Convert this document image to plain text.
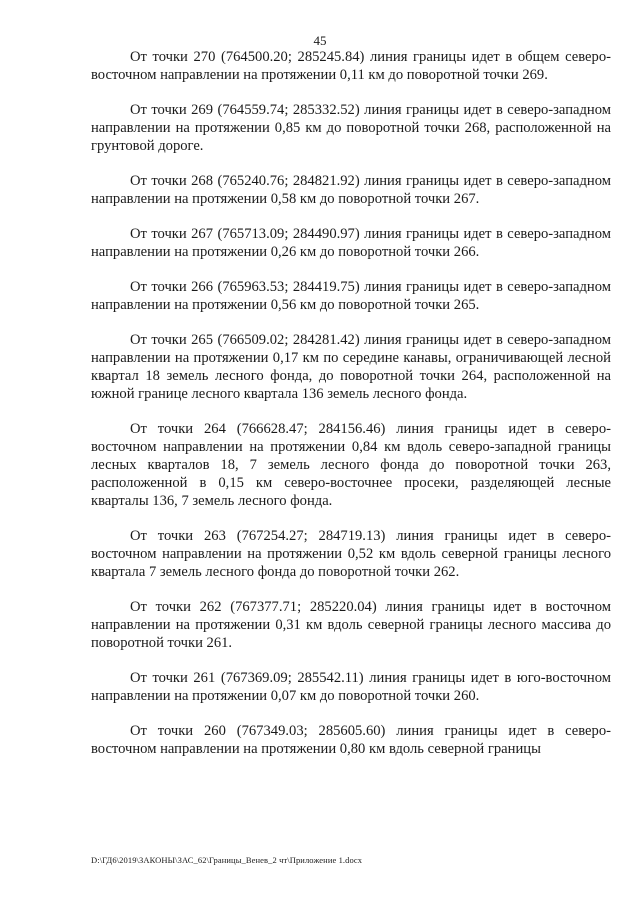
45

От точки 270 (764500.20; 285245.84) линия границы идет в общем северо-восточном направлении на протяжении 0,11 км до поворотной точки 269.

От точки 269 (764559.74; 285332.52) линия границы идет в северо-западном направлении на протяжении 0,85 км до поворотной точки 268, расположенной на грунтовой дороге.

От точки 268 (765240.76; 284821.92) линия границы идет в северо-западном направлении на протяжении 0,58 км до поворотной точки 267.

От точки 267 (765713.09; 284490.97) линия границы идет в северо-западном направлении на протяжении 0,26 км до поворотной точки 266.

От точки 266 (765963.53; 284419.75) линия границы идет в северо-западном направлении на протяжении 0,56 км до поворотной точки 265.

От точки 265 (766509.02; 284281.42) линия границы идет в северо-западном направлении на протяжении 0,17 км по середине канавы, ограничивающей лесной квартал 18 земель лесного фонда, до поворотной точки 264, расположенной на южной границе лесного квартала 136 земель лесного фонда.

От точки 264 (766628.47; 284156.46) линия границы идет в северо-восточном направлении на протяжении 0,84 км вдоль северо-западной границы лесных кварталов 18, 7 земель лесного фонда до поворотной точки 263, расположенной в 0,15 км северо-восточнее просеки, разделяющей лесные кварталы 136, 7 земель лесного фонда.

От точки 263 (767254.27; 284719.13) линия границы идет в северо-восточном направлении на протяжении 0,52 км вдоль северной границы лесного квартала 7 земель лесного фонда до поворотной точки 262.

От точки 262 (767377.71; 285220.04) линия границы идет в восточном направлении на протяжении 0,31 км вдоль северной границы лесного массива до поворотной точки 261.

От точки 261 (767369.09; 285542.11) линия границы идет в юго-восточном направлении на протяжении 0,07 км до поворотной точки 260.

От точки 260 (767349.03; 285605.60) линия границы идет в северо-восточном направлении на протяжении 0,80 км вдоль северной границы

D:\ГД6\2019\ЗАКОНЫ\ЗАС_62\Границы_Венев_2 чт\Приложение 1.docx
